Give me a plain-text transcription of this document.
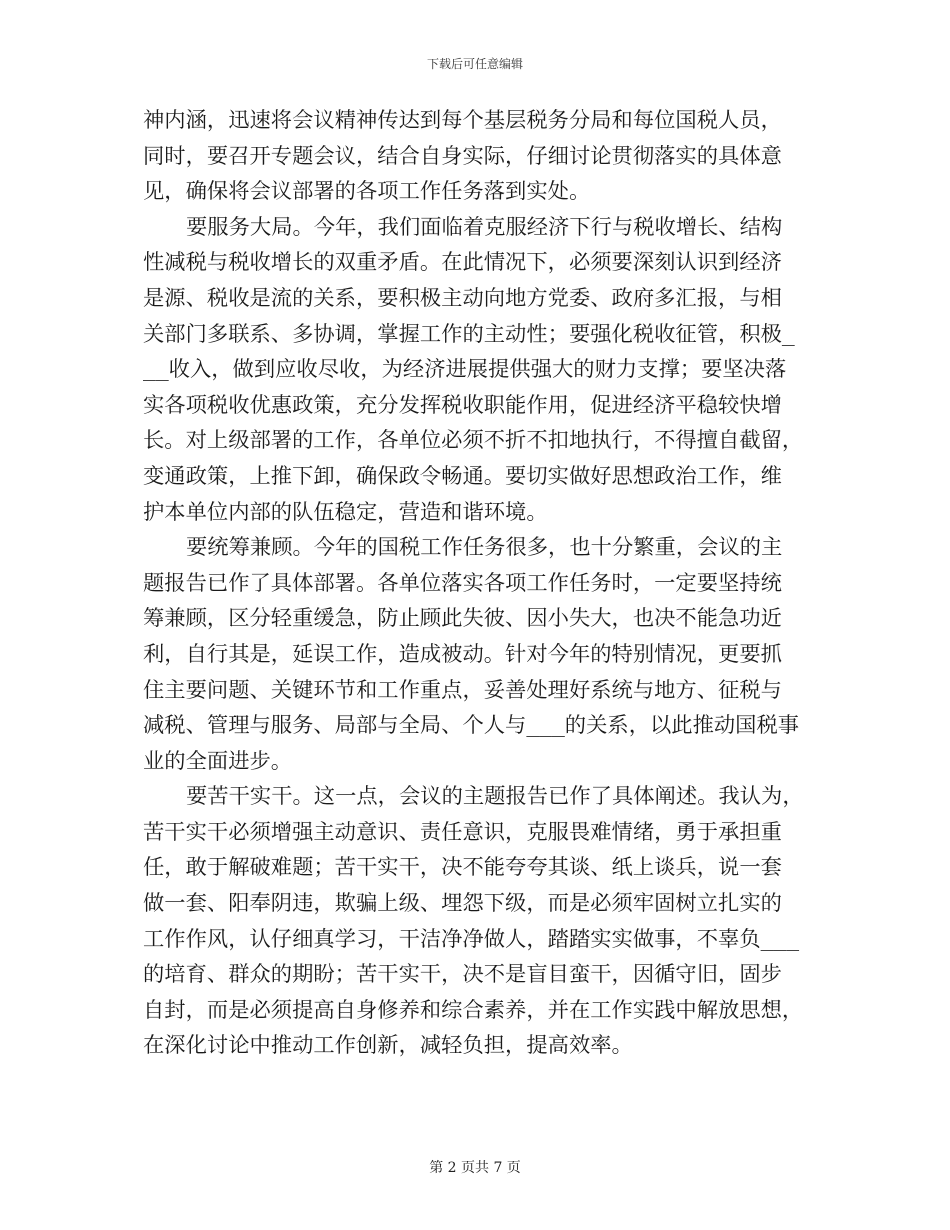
下载后可任意编辑
神内涵，迅速将会议精神传达到每个基层税务分局和每位国税人员，
同时，要召开专题会议，结合自身实际，仔细讨论贯彻落实的具体意
见，确保将会议部署的各项工作任务落到实处。
要服务大局。今年，我们面临着克服经济下行与税收增长、结构
性减税与税收增长的双重矛盾。在此情况下，必须要深刻认识到经济
是源、税收是流的关系，要积极主动向地方党委、政府多汇报，与相
关部门多联系、多协调，掌握工作的主动性；要强化税收征管，积极_
__收入，做到应收尽收，为经济进展提供强大的财力支撑；要坚决落
实各项税收优惠政策，充分发挥税收职能作用，促进经济平稳较快增
长。对上级部署的工作，各单位必须不折不扣地执行，不得擅自截留，
变通政策，上推下卸，确保政令畅通。要切实做好思想政治工作，维
护本单位内部的队伍稳定，营造和谐环境。
要统筹兼顾。今年的国税工作任务很多，也十分繁重，会议的主
题报告已作了具体部署。各单位落实各项工作任务时，一定要坚持统
筹兼顾，区分轻重缓急，防止顾此失彼、因小失大，也决不能急功近
利，自行其是，延误工作，造成被动。针对今年的特别情况，更要抓
住主要问题、关键环节和工作重点，妥善处理好系统与地方、征税与
减税、管理与服务、局部与全局、个人与___的关系，以此推动国税事
业的全面进步。
要苦干实干。这一点，会议的主题报告已作了具体阐述。我认为，
苦干实干必须增强主动意识、责任意识，克服畏难情绪，勇于承担重
任，敢于解破难题；苦干实干，决不能夸夸其谈、纸上谈兵，说一套
做一套、阳奉阴违，欺骗上级、埋怨下级，而是必须牢固树立扎实的
工作作风，认仔细真学习，干洁净净做人，踏踏实实做事，不辜负___
的培育、群众的期盼；苦干实干，决不是盲目蛮干，因循守旧，固步
自封，而是必须提高自身修养和综合素养，并在工作实践中解放思想，
在深化讨论中推动工作创新，减轻负担，提高效率。
第 2 页共 7 页
